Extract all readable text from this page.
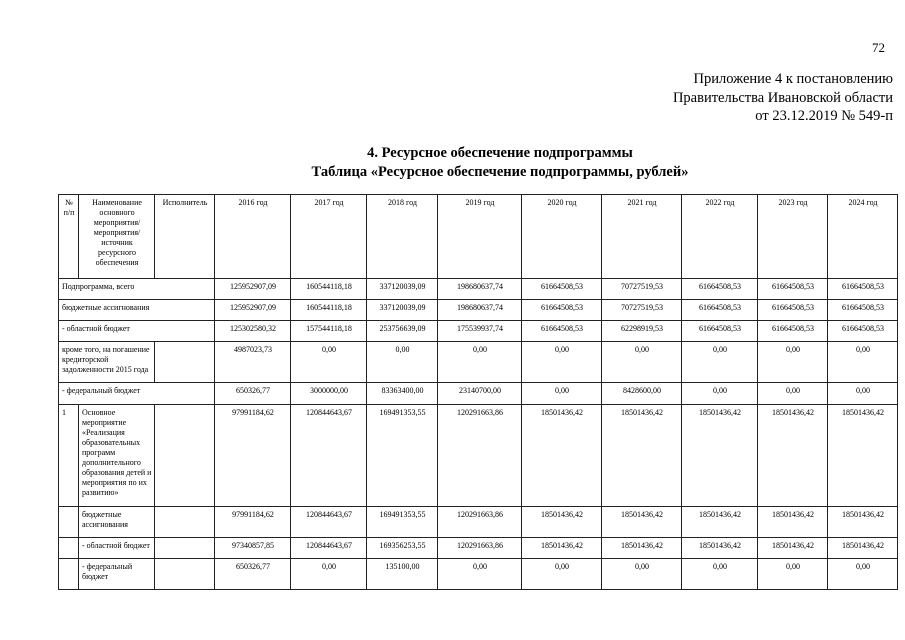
72
Приложение 4 к постановлению
Правительства Ивановской области
от 23.12.2019 № 549-п
4. Ресурсное обеспечение подпрограммы
Таблица «Ресурсное обеспечение подпрограммы, рублей»
№ п/п	Наименование основного мероприятия/ мероприятия/ источник ресурсного обеспечения	Исполнитель	2016 год	2017 год	2018 год	2019 год	2020 год	2021 год	2022 год	2023 год	2024 год
Подпрограмма, всего			125952907,09	160544118,18	337120039,09	198680637,74	61664508,53	70727519,53	61664508,53	61664508,53	61664508,53
бюджетные ассигнования			125952907,09	160544118,18	337120039,09	198680637,74	61664508,53	70727519,53	61664508,53	61664508,53	61664508,53
- областной бюджет			125302580,32	157544118,18	253756639,09	175539937,74	61664508,53	62298919,53	61664508,53	61664508,53	61664508,53
кроме того, на погашение кредиторской задолженности 2015 года			4987023,73	0,00	0,00	0,00	0,00	0,00	0,00	0,00	0,00
- федеральный бюджет			650326,77	3000000,00	83363400,00	23140700,00	0,00	8428600,00	0,00	0,00	0,00
1	Основное мероприятие «Реализация образовательных программ дополнительного образования детей и мероприятия по их развитию»		97991184,62	120844643,67	169491353,55	120291663,86	18501436,42	18501436,42	18501436,42	18501436,42	18501436,42
	бюджетные ассигнования		97991184,62	120844643,67	169491353,55	120291663,86	18501436,42	18501436,42	18501436,42	18501436,42	18501436,42
	- областной бюджет		97340857,85	120844643,67	169356253,55	120291663,86	18501436,42	18501436,42	18501436,42	18501436,42	18501436,42
	- федеральный бюджет		650326,77	0,00	135100,00	0,00	0,00	0,00	0,00	0,00	0,00
